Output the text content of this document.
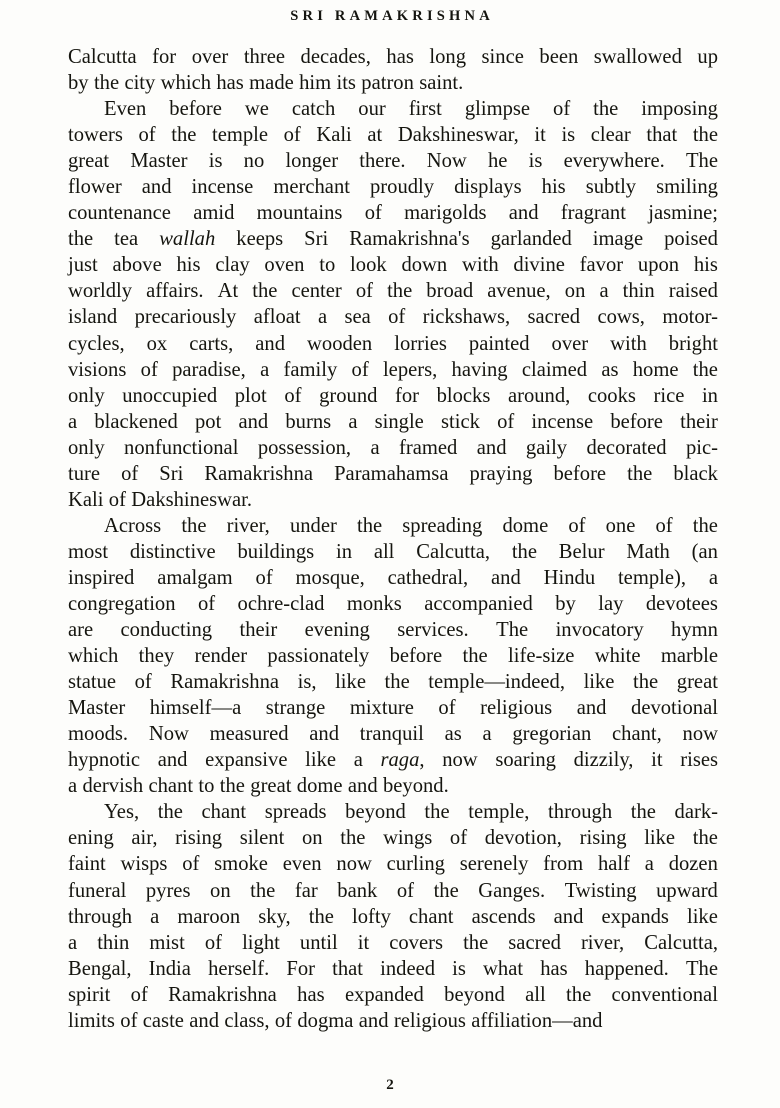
SRI RAMAKRISHNA

Calcutta for over three decades, has long since been swallowed up
by the city which has made him its patron saint.

Even before we catch our first glimpse of the imposing
towers of the temple of Kali at Dakshineswar, it is clear that the
great Master is no longer there. Now he is everywhere. The
flower and incense merchant proudly displays his subtly smiling
countenance amid mountains of marigolds and fragrant jasmine;
the tea wallah keeps Sri Ramakrishna's garlanded image poised
just above his clay oven to look down with divine favor upon his
worldly affairs. At the center of the broad avenue, on a thin raised
island precariously afloat a sea of rickshaws, sacred cows, motor-
cycles, ox carts, and wooden lorries painted over with bright
visions of paradise, a family of lepers, having claimed as home the
only unoccupied plot of ground for blocks around, cooks rice in
a blackened pot and burns a single stick of incense before their
only nonfunctional possession, a framed and gaily decorated pic-
ture of Sri Ramakrishna Paramahamsa praying before the black
Kali of Dakshineswar.

Across the river, under the spreading dome of one of the
most distinctive buildings in all Calcutta, the Belur Math (an
inspired amalgam of mosque, cathedral, and Hindu temple), a
congregation of ochre-clad monks accompanied by lay devotees
are conducting their evening services. The invocatory hymn
which they render passionately before the life-size white marble
statue of Ramakrishna is, like the temple—indeed, like the great
Master himself—a strange mixture of religious and devotional
moods. Now measured and tranquil as a gregorian chant, now
hypnotic and expansive like a raga, now soaring dizzily, it rises
a dervish chant to the great dome and beyond.

Yes, the chant spreads beyond the temple, through the dark-
ening air, rising silent on the wings of devotion, rising like the
faint wisps of smoke even now curling serenely from half a dozen
funeral pyres on the far bank of the Ganges. Twisting upward
through a maroon sky, the lofty chant ascends and expands like
a thin mist of light until it covers the sacred river, Calcutta,
Bengal, India herself. For that indeed is what has happened. The
spirit of Ramakrishna has expanded beyond all the conventional
limits of caste and class, of dogma and religious affiliation—and

2
